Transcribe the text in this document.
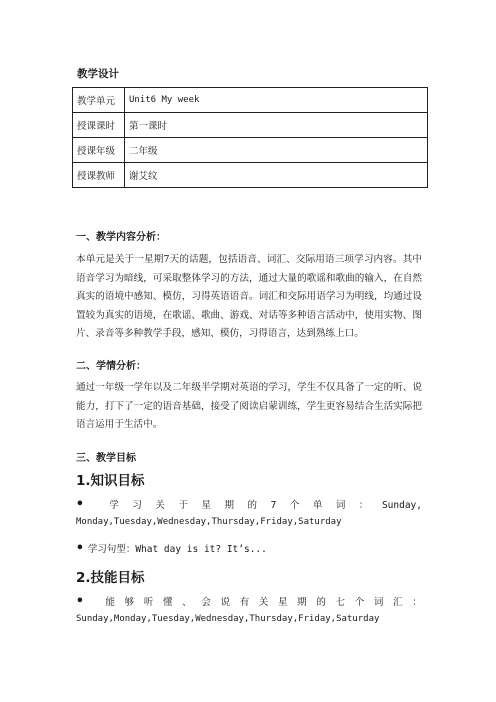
教学设计
教学单元	Unit6 My week
授课课时	第一课时
授课年级	二年级
授课教师	谢艾纹
一、教学内容分析：
本单元是关于一星期7天的话题，包括语音、词汇、交际用语三项学习内容。其中语音学习为暗线，可采取整体学习的方法，通过大量的歌谣和歌曲的输入，在自然真实的语境中感知、模仿，习得英语语音。词汇和交际用语学习为明线，均通过设置较为真实的语境，在歌谣、歌曲、游戏、对话等多种语言活动中，使用实物、图片、录音等多种教学手段，感知、模仿，习得语言，达到熟练上口。
二、学情分析：
通过一年级一学年以及二年级半学期对英语的学习，学生不仅具备了一定的听、说能力，打下了一定的语音基础，接受了阅读启蒙训练，学生更容易结合生活实际把语言运用于生活中。
三、教学目标
1.知识目标
•	学 习 关 于 星 期 的 7 个 单 词 ： Sunday,
Monday,Tuesday,Wednesday,Thursday,Friday,Saturday
• 学习句型：What day is it? It’s...
2.技能目标
• 能 够 听 懂 、 会 说 有 关 星 期 的 七 个 词 汇 ：
Sunday,Monday,Tuesday,Wednesday,Thursday,Friday,Saturday
